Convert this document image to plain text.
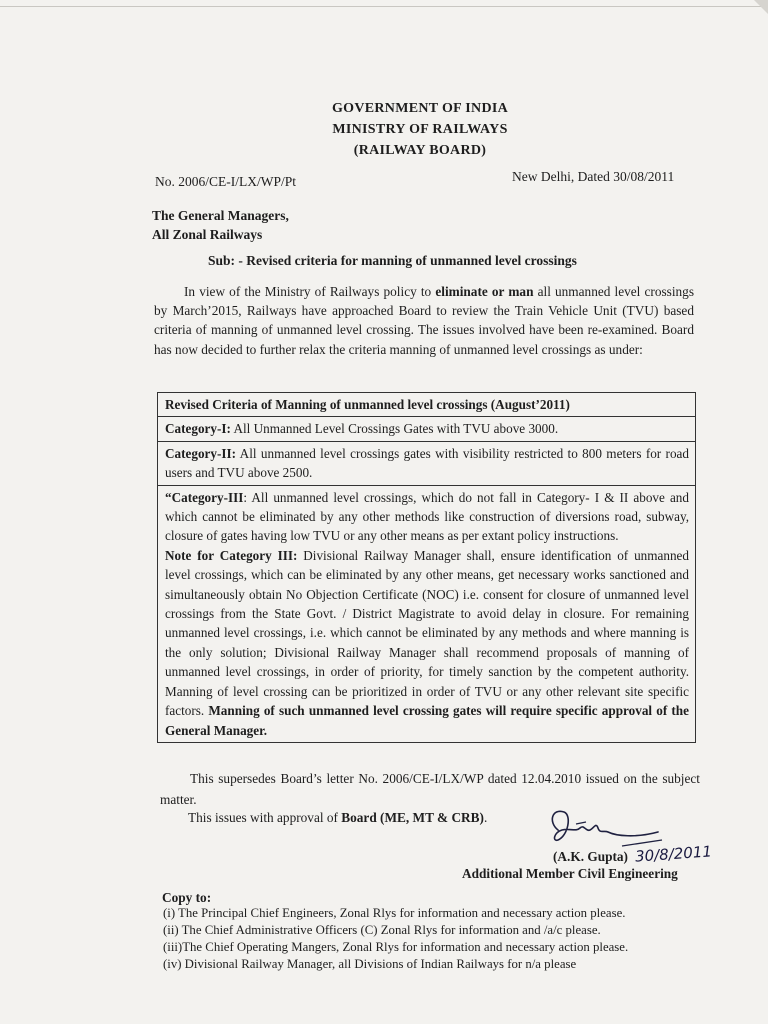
GOVERNMENT OF INDIA
MINISTRY OF RAILWAYS
(RAILWAY BOARD)
No. 2006/CE-I/LX/WP/Pt	New Delhi, Dated 30/08/2011
The General Managers,
All Zonal Railways
Sub: - Revised criteria for manning of unmanned level crossings
In view of the Ministry of Railways policy to eliminate or man all unmanned level crossings by March’2015, Railways have approached Board to review the Train Vehicle Unit (TVU) based criteria of manning of unmanned level crossing. The issues involved have been re-examined. Board has now decided to further relax the criteria manning of unmanned level crossings as under:
Revised Criteria of Manning of unmanned level crossings (August’2011)
Category-I: All Unmanned Level Crossings Gates with TVU above 3000.
Category-II: All unmanned level crossings gates with visibility restricted to 800 meters for road users and TVU above 2500.

“Category-III: All unmanned level crossings, which do not fall in Category- I & II above and which cannot be eliminated by any other methods like construction of diversions road, subway, closure of gates having low TVU or any other means as per extant policy instructions.
Note for Category III: Divisional Railway Manager shall, ensure identification of unmanned level crossings, which can be eliminated by any other means, get necessary works sanctioned and simultaneously obtain No Objection Certificate (NOC) i.e. consent for closure of unmanned level crossings from the State Govt. / District Magistrate to avoid delay in closure. For remaining unmanned level crossings, i.e. which cannot be eliminated by any methods and where manning is the only solution; Divisional Railway Manager shall recommend proposals of manning of unmanned level crossings, in order of priority, for timely sanction by the competent authority. Manning of level crossing can be prioritized in order of TVU or any other relevant site specific factors. Manning of such unmanned level crossing gates will require specific approval of the General Manager.
This supersedes Board’s letter No. 2006/CE-I/LX/WP dated 12.04.2010 issued on the subject matter.
This issues with approval of Board (ME, MT & CRB).
30/8/2011
(A.K. Gupta)
Additional Member Civil Engineering
Copy to:
(i) The Principal Chief Engineers, Zonal Rlys for information and necessary action please.
(ii) The Chief Administrative Officers (C) Zonal Rlys for information and /a/c please.
(iii)The Chief Operating Mangers, Zonal Rlys for information and necessary action please.
(iv) Divisional Railway Manager, all Divisions of Indian Railways for n/a please
